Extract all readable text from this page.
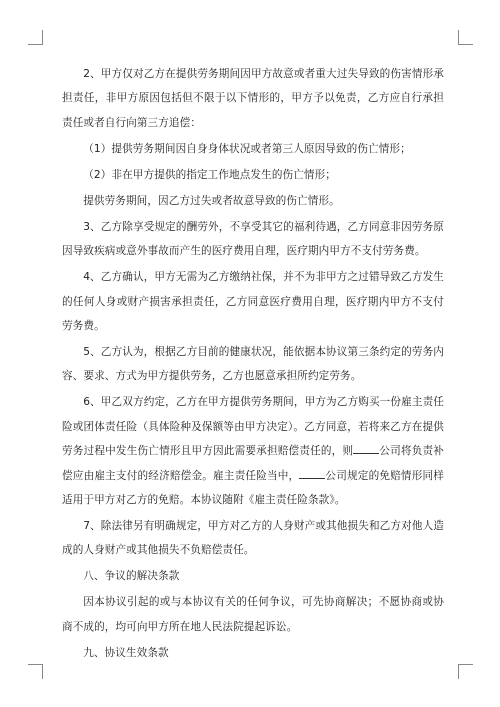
2、甲方仅对乙方在提供劳务期间因甲方故意或者重大过失导致的伤害情形承担责任，非甲方原因包括但不限于以下情形的，甲方予以免责，乙方应自行承担责任或者自行向第三方追偿：

（1）提供劳务期间因自身身体状况或者第三人原因导致的伤亡情形；

（2）非在甲方提供的指定工作地点发生的伤亡情形；

提供劳务期间，因乙方过失或者故意导致的伤亡情形。

3、乙方除享受规定的酬劳外，不享受其它的福利待遇，乙方同意非因劳务原因导致疾病或意外事故而产生的医疗费用自理，医疗期内甲方不支付劳务费。

4、乙方确认，甲方无需为乙方缴纳社保，并不为非甲方之过错导致乙方发生的任何人身或财产损害承担责任，乙方同意医疗费用自理，医疗期内甲方不支付劳务费。

5、乙方认为，根据乙方目前的健康状况，能依据本协议第三条约定的劳务内容、要求、方式为甲方提供劳务，乙方也愿意承担所约定劳务。

6、甲乙双方约定，乙方在甲方提供劳务期间，甲方为乙方购买一份雇主责任险或团体责任险（具体险种及保额等由甲方决定）。乙方同意，若将来乙方在提供劳务过程中发生伤亡情形且甲方因此需要承担赔偿责任的，则 公司将负责补偿应由雇主支付的经济赔偿金。雇主责任险当中， 公司规定的免赔情形同样适用于甲方对乙方的免赔。本协议随附《雇主责任险条款》。

7、除法律另有明确规定，甲方对乙方的人身财产或其他损失和乙方对他人造成的人身财产或其他损失不负赔偿责任。

八、争议的解决条款

因本协议引起的或与本协议有关的任何争议，可先协商解决；不愿协商或协商不成的，均可向甲方所在地人民法院提起诉讼。

九、协议生效条款
